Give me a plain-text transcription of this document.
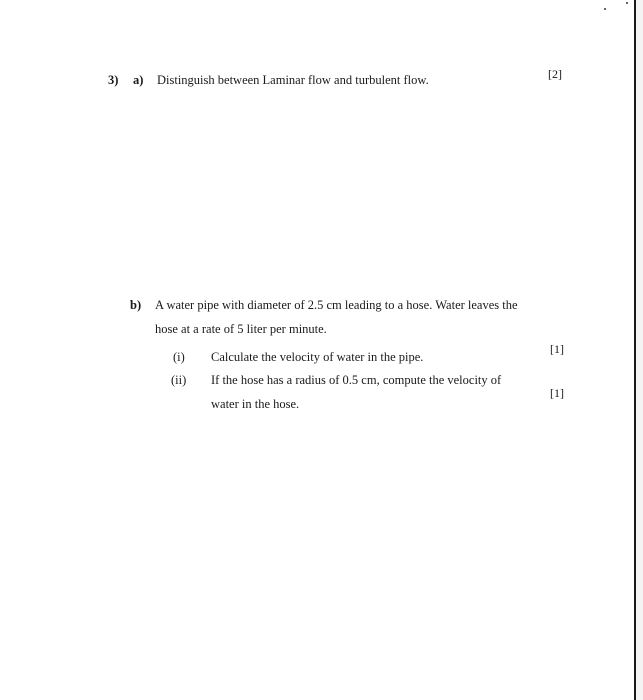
3) a) Distinguish between Laminar flow and turbulent flow.	[2]
b) A water pipe with diameter of 2.5 cm leading to a hose. Water leaves the
hose at a rate of 5 liter per minute.
(i) Calculate the velocity of water in the pipe.
[1]
(ii) If the hose has a radius of 0.5 cm, compute the velocity of
water in the hose.
[1]
